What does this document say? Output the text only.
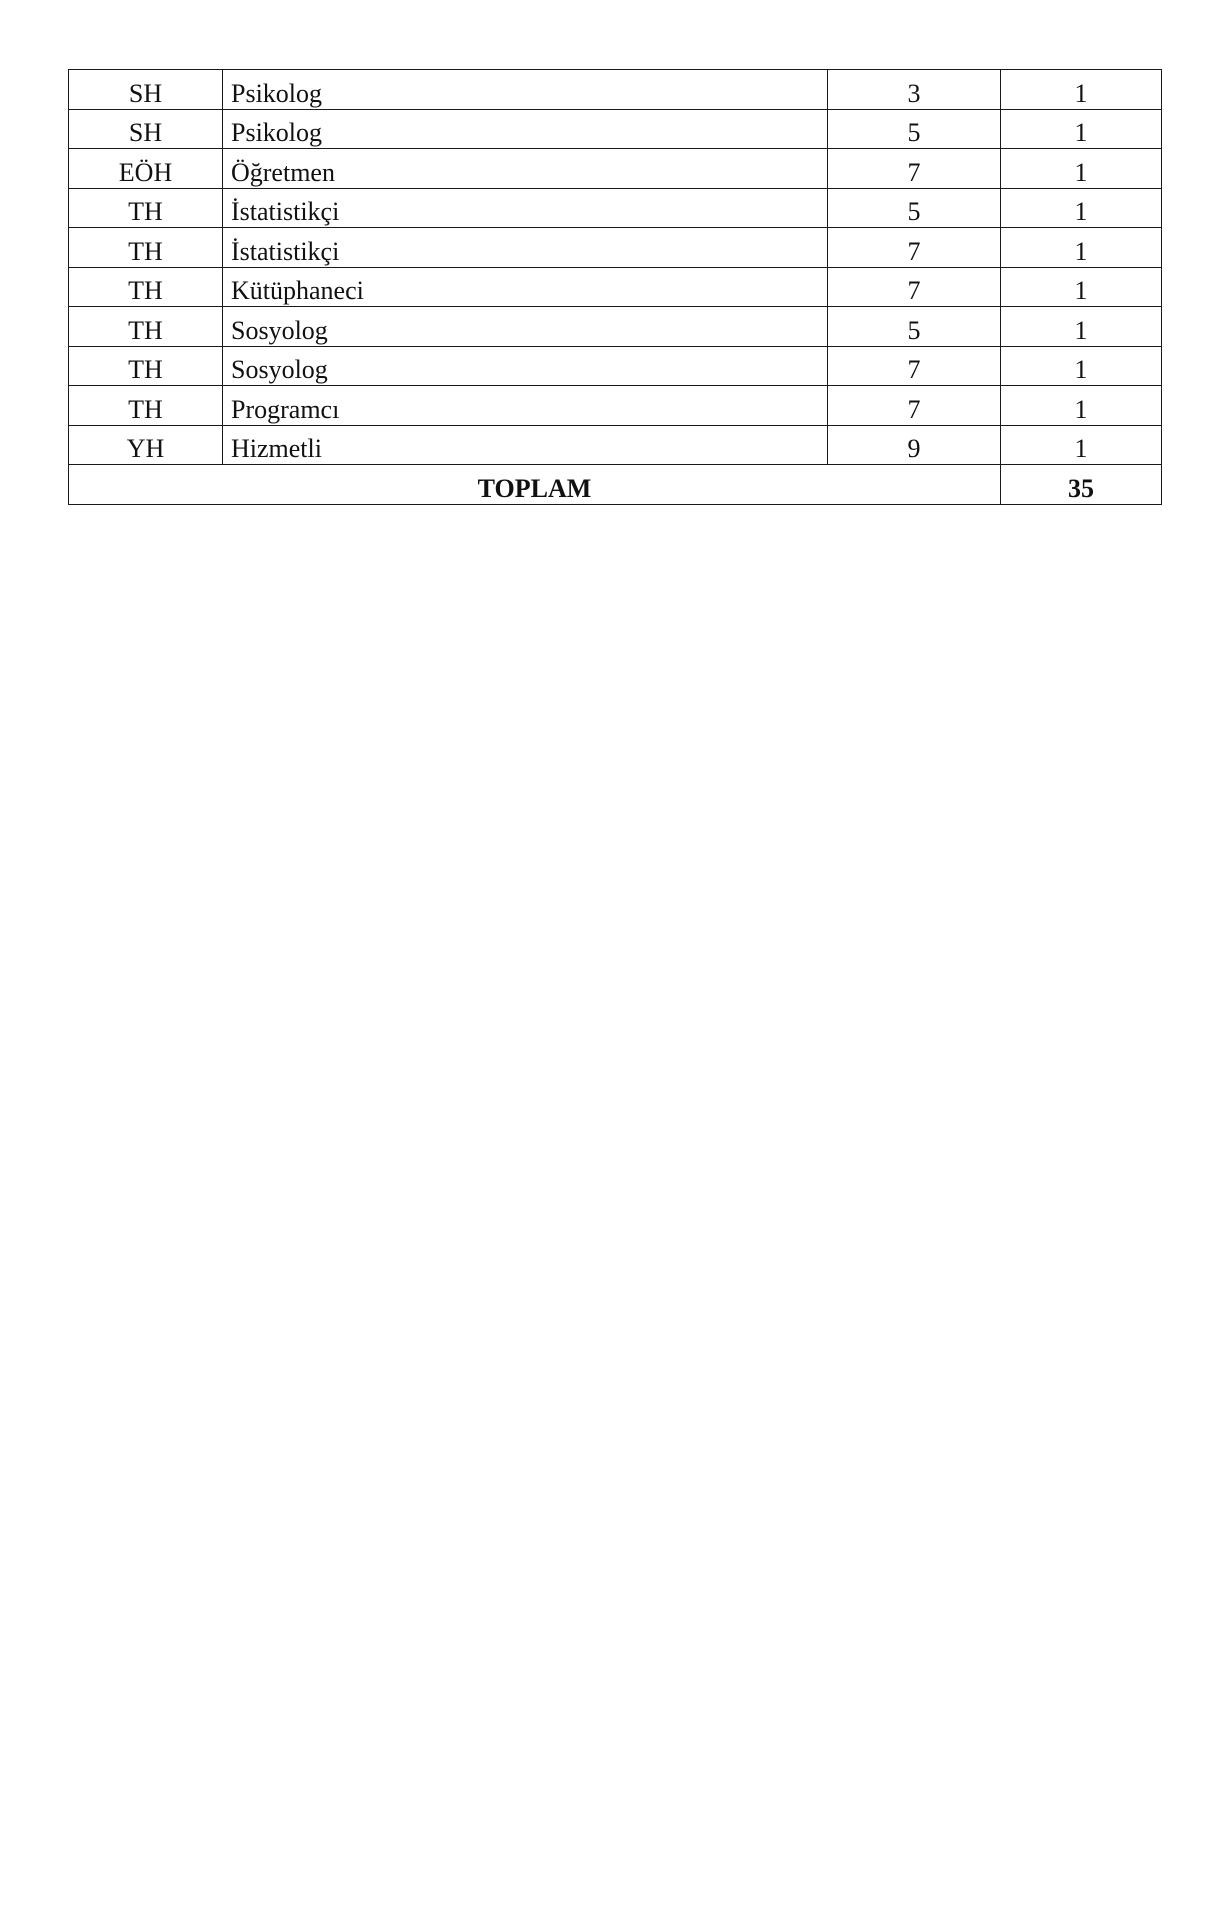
SH	Psikolog	3	1
SH	Psikolog	5	1
EÖH	Öğretmen	7	1
TH	İstatistikçi	5	1
TH	İstatistikçi	7	1
TH	Kütüphaneci	7	1
TH	Sosyolog	5	1
TH	Sosyolog	7	1
TH	Programcı	7	1
YH	Hizmetli	9	1
TOPLAM			35
